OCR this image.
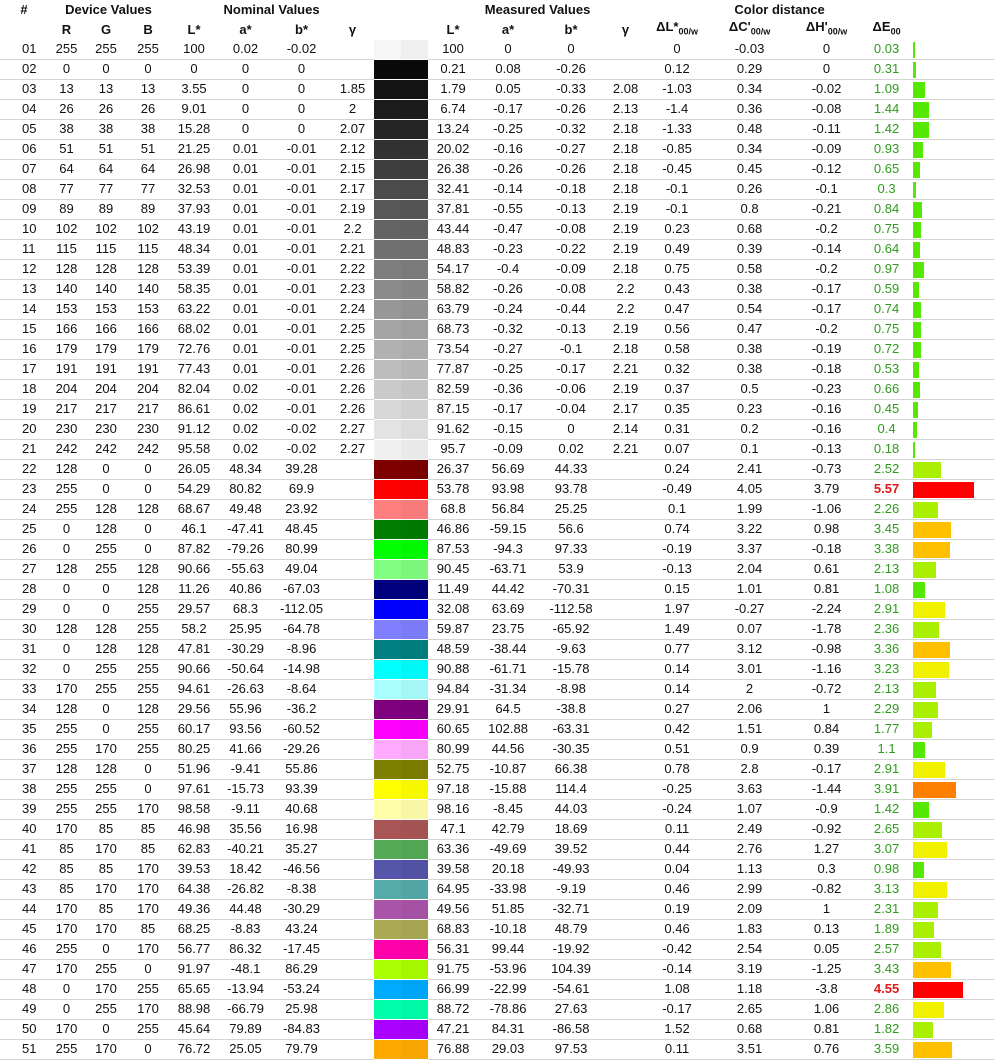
#	Device Values			Nominal Values					Measured Values				Color distance				
	R	G	B	L*	a*	b*	γ		L*	a*	b*	γ	$\Delta L*_{00/w}$	$\Delta C'_{00/w}$	$\Delta H'_{00/w}$	$\Delta E_{00}$	
01	255	255	255	100	0.02	-0.02			100	0	0		0	-0.03	0	0.03	

02	0	0	0	0	0	0			0.21	0.08	-0.26		0.12	0.29	0	0.31	

03	13	13	13	3.55	0	0	1.85		1.79	0.05	-0.33	2.08	-1.03	0.34	-0.02	1.09	

04	26	26	26	9.01	0	0	2		6.74	-0.17	-0.26	2.13	-1.4	0.36	-0.08	1.44	

05	38	38	38	15.28	0	0	2.07		13.24	-0.25	-0.32	2.18	-1.33	0.48	-0.11	1.42	

06	51	51	51	21.25	0.01	-0.01	2.12		20.02	-0.16	-0.27	2.18	-0.85	0.34	-0.09	0.93	

07	64	64	64	26.98	0.01	-0.01	2.15		26.38	-0.26	-0.26	2.18	-0.45	0.45	-0.12	0.65	

08	77	77	77	32.53	0.01	-0.01	2.17		32.41	-0.14	-0.18	2.18	-0.1	0.26	-0.1	0.3	

09	89	89	89	37.93	0.01	-0.01	2.19		37.81	-0.55	-0.13	2.19	-0.1	0.8	-0.21	0.84	

10	102	102	102	43.19	0.01	-0.01	2.2		43.44	-0.47	-0.08	2.19	0.23	0.68	-0.2	0.75	

11	115	115	115	48.34	0.01	-0.01	2.21		48.83	-0.23	-0.22	2.19	0.49	0.39	-0.14	0.64	

12	128	128	128	53.39	0.01	-0.01	2.22		54.17	-0.4	-0.09	2.18	0.75	0.58	-0.2	0.97	

13	140	140	140	58.35	0.01	-0.01	2.23		58.82	-0.26	-0.08	2.2	0.43	0.38	-0.17	0.59	

14	153	153	153	63.22	0.01	-0.01	2.24		63.79	-0.24	-0.44	2.2	0.47	0.54	-0.17	0.74	

15	166	166	166	68.02	0.01	-0.01	2.25		68.73	-0.32	-0.13	2.19	0.56	0.47	-0.2	0.75	

16	179	179	179	72.76	0.01	-0.01	2.25		73.54	-0.27	-0.1	2.18	0.58	0.38	-0.19	0.72	

17	191	191	191	77.43	0.01	-0.01	2.26		77.87	-0.25	-0.17	2.21	0.32	0.38	-0.18	0.53	

18	204	204	204	82.04	0.02	-0.01	2.26		82.59	-0.36	-0.06	2.19	0.37	0.5	-0.23	0.66	

19	217	217	217	86.61	0.02	-0.01	2.26		87.15	-0.17	-0.04	2.17	0.35	0.23	-0.16	0.45	

20	230	230	230	91.12	0.02	-0.02	2.27		91.62	-0.15	0	2.14	0.31	0.2	-0.16	0.4	

21	242	242	242	95.58	0.02	-0.02	2.27		95.7	-0.09	0.02	2.21	0.07	0.1	-0.13	0.18	

22	128	0	0	26.05	48.34	39.28			26.37	56.69	44.33		0.24	2.41	-0.73	2.52	

23	255	0	0	54.29	80.82	69.9			53.78	93.98	93.78		-0.49	4.05	3.79	5.57	

24	255	128	128	68.67	49.48	23.92			68.8	56.84	25.25		0.1	1.99	-1.06	2.26	

25	0	128	0	46.1	-47.41	48.45			46.86	-59.15	56.6		0.74	3.22	0.98	3.45	

26	0	255	0	87.82	-79.26	80.99			87.53	-94.3	97.33		-0.19	3.37	-0.18	3.38	

27	128	255	128	90.66	-55.63	49.04			90.45	-63.71	53.9		-0.13	2.04	0.61	2.13	

28	0	0	128	11.26	40.86	-67.03			11.49	44.42	-70.31		0.15	1.01	0.81	1.08	

29	0	0	255	29.57	68.3	-112.05			32.08	63.69	-112.58		1.97	-0.27	-2.24	2.91	

30	128	128	255	58.2	25.95	-64.78			59.87	23.75	-65.92		1.49	0.07	-1.78	2.36	

31	0	128	128	47.81	-30.29	-8.96			48.59	-38.44	-9.63		0.77	3.12	-0.98	3.36	

32	0	255	255	90.66	-50.64	-14.98			90.88	-61.71	-15.78		0.14	3.01	-1.16	3.23	

33	170	255	255	94.61	-26.63	-8.64			94.84	-31.34	-8.98		0.14	2	-0.72	2.13	

34	128	0	128	29.56	55.96	-36.2			29.91	64.5	-38.8		0.27	2.06	1	2.29	

35	255	0	255	60.17	93.56	-60.52			60.65	102.88	-63.31		0.42	1.51	0.84	1.77	

36	255	170	255	80.25	41.66	-29.26			80.99	44.56	-30.35		0.51	0.9	0.39	1.1	

37	128	128	0	51.96	-9.41	55.86			52.75	-10.87	66.38		0.78	2.8	-0.17	2.91	

38	255	255	0	97.61	-15.73	93.39			97.18	-15.88	114.4		-0.25	3.63	-1.44	3.91	

39	255	255	170	98.58	-9.11	40.68			98.16	-8.45	44.03		-0.24	1.07	-0.9	1.42	

40	170	85	85	46.98	35.56	16.98			47.1	42.79	18.69		0.11	2.49	-0.92	2.65	

41	85	170	85	62.83	-40.21	35.27			63.36	-49.69	39.52		0.44	2.76	1.27	3.07	

42	85	85	170	39.53	18.42	-46.56			39.58	20.18	-49.93		0.04	1.13	0.3	0.98	

43	85	170	170	64.38	-26.82	-8.38			64.95	-33.98	-9.19		0.46	2.99	-0.82	3.13	

44	170	85	170	49.36	44.48	-30.29			49.56	51.85	-32.71		0.19	2.09	1	2.31	

45	170	170	85	68.25	-8.83	43.24			68.83	-10.18	48.79		0.46	1.83	0.13	1.89	

46	255	0	170	56.77	86.32	-17.45			56.31	99.44	-19.92		-0.42	2.54	0.05	2.57	

47	170	255	0	91.97	-48.1	86.29			91.75	-53.96	104.39		-0.14	3.19	-1.25	3.43	

48	0	170	255	65.65	-13.94	-53.24			66.99	-22.99	-54.61		1.08	1.18	-3.8	4.55	

49	0	255	170	88.98	-66.79	25.98			88.72	-78.86	27.63		-0.17	2.65	1.06	2.86	

50	170	0	255	45.64	79.89	-84.83			47.21	84.31	-86.58		1.52	0.68	0.81	1.82	

51	255	170	0	76.72	25.05	79.79			76.88	29.03	97.53		0.11	3.51	0.76	3.59	
